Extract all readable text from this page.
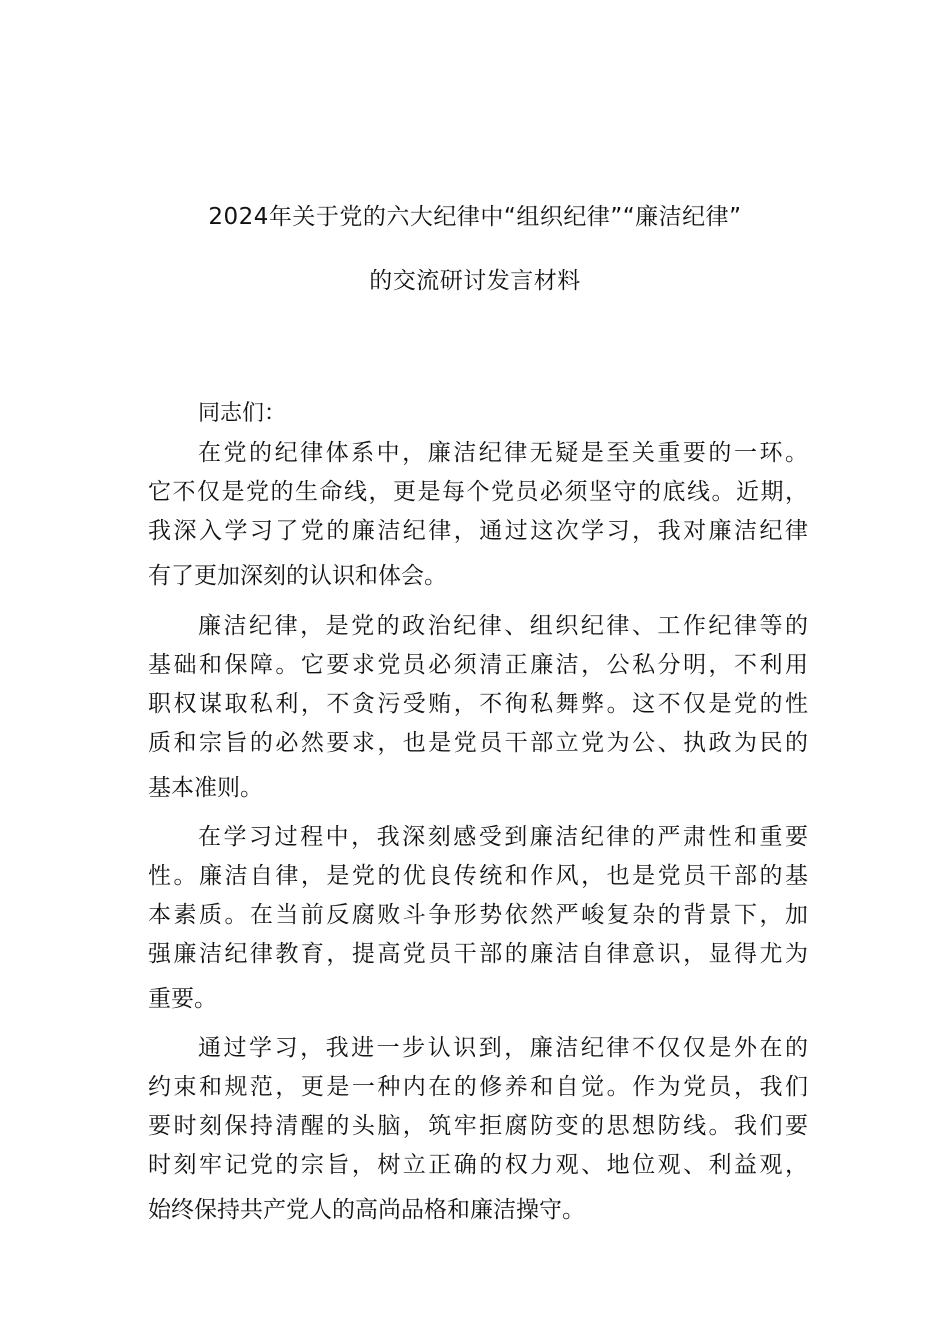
2024年关于党的六大纪律中“组织纪律”“廉洁纪律”
的交流研讨发言材料
同志们：
在党的纪律体系中，廉洁纪律无疑是至关重要的一环。
它不仅是党的生命线，更是每个党员必须坚守的底线。近期，
我深入学习了党的廉洁纪律，通过这次学习，我对廉洁纪律
有了更加深刻的认识和体会。
廉洁纪律，是党的政治纪律、组织纪律、工作纪律等的
基础和保障。它要求党员必须清正廉洁，公私分明，不利用
职权谋取私利，不贪污受贿，不徇私舞弊。这不仅是党的性
质和宗旨的必然要求，也是党员干部立党为公、执政为民的
基本准则。
在学习过程中，我深刻感受到廉洁纪律的严肃性和重要
性。廉洁自律，是党的优良传统和作风，也是党员干部的基
本素质。在当前反腐败斗争形势依然严峻复杂的背景下，加
强廉洁纪律教育，提高党员干部的廉洁自律意识，显得尤为
重要。
通过学习，我进一步认识到，廉洁纪律不仅仅是外在的
约束和规范，更是一种内在的修养和自觉。作为党员，我们
要时刻保持清醒的头脑，筑牢拒腐防变的思想防线。我们要
时刻牢记党的宗旨，树立正确的权力观、地位观、利益观，
始终保持共产党人的高尚品格和廉洁操守。
